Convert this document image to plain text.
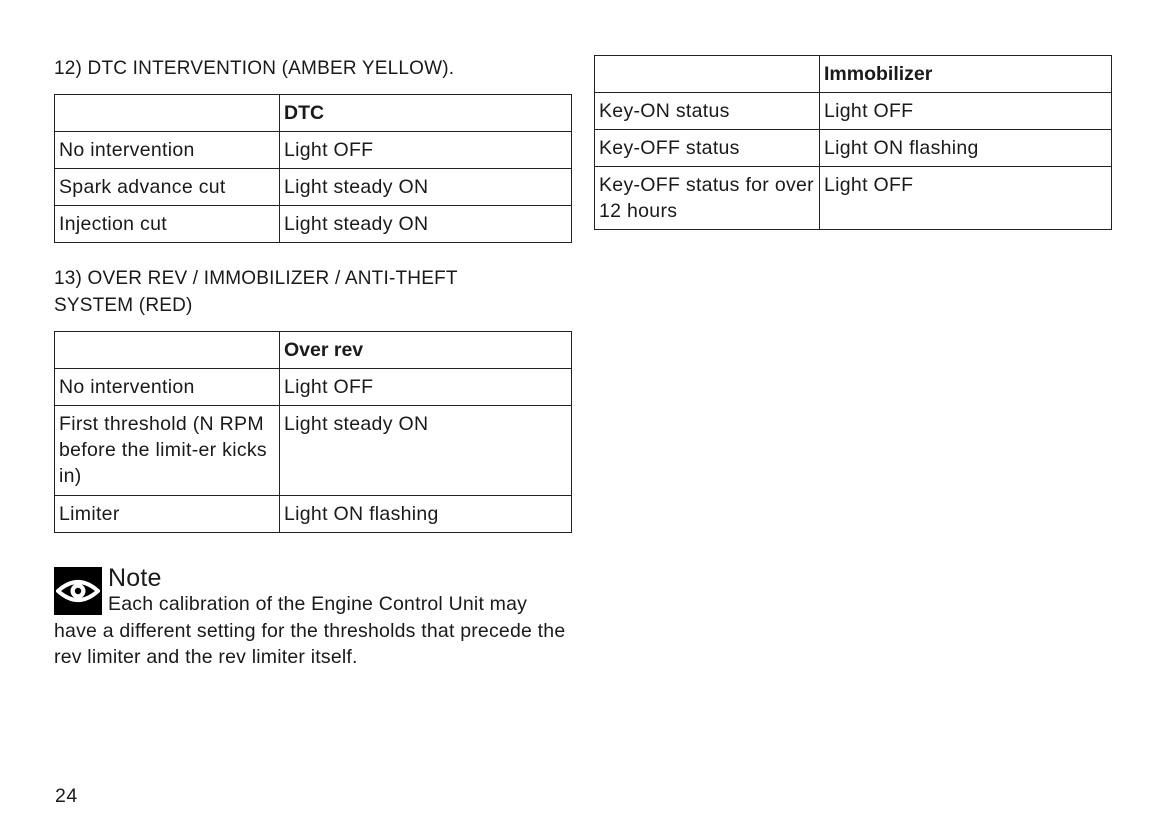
12) DTC INTERVENTION (AMBER YELLOW).

	DTC
No intervention	Light OFF
Spark advance cut	Light steady ON
Injection cut	Light steady ON

13) OVER REV / IMMOBILIZER / ANTI-THEFT

SYSTEM (RED)

	Over rev
No intervention	Light OFF
First threshold (N RPM before the limit-er kicks in)	Light steady ON
Limiter	Light ON flashing
Note
Each calibration of the Engine Control Unit may have a different setting for the thresholds that precede the rev limiter and the rev limiter itself.
	Immobilizer
Key-ON status	Light OFF
Key-OFF status	Light ON flashing
Key-OFF status for over 12 hours	Light OFF
24
